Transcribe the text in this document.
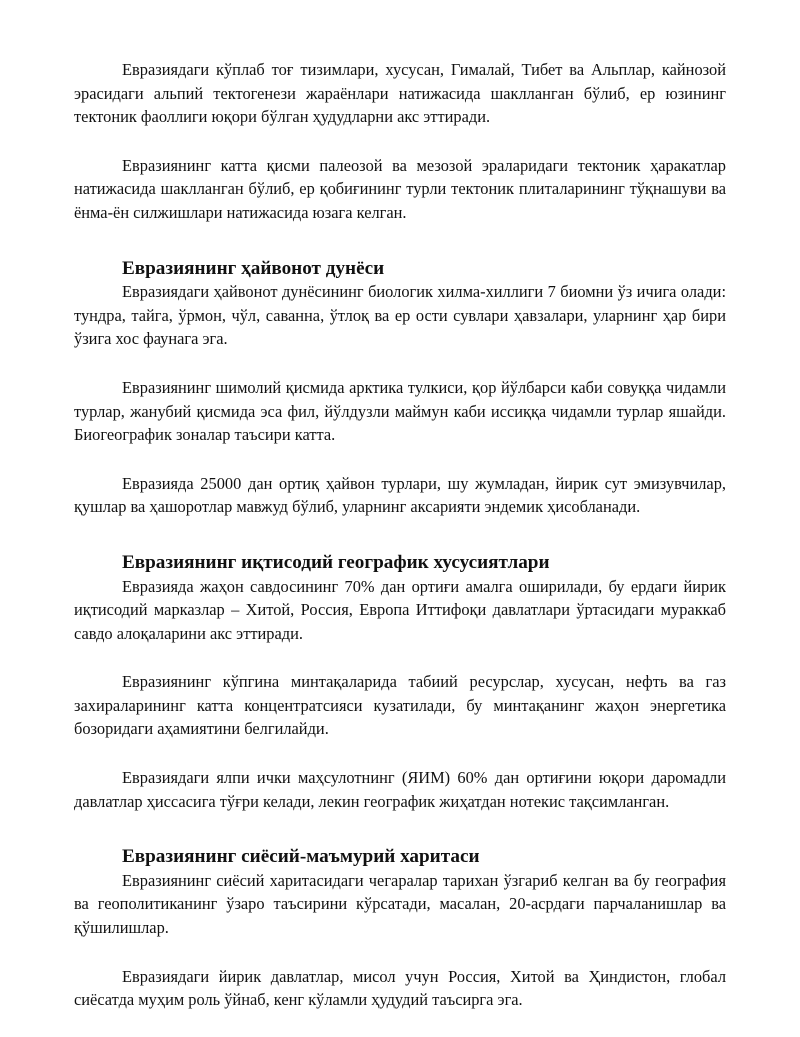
Евразиядаги кўплаб тоғ тизимлари, хусусан, Гималай, Тибет ва Альплар, кайнозой эрасидаги альпий тектогенези жараёнлари натижасида шаклланган бўлиб, ер юзининг тектоник фаоллиги юқори бўлган ҳудудларни акс эттиради.

Евразиянинг катта қисми палеозой ва мезозой эраларидаги тектоник ҳаракатлар натижасида шаклланган бўлиб, ер қобиғининг турли тектоник плиталарининг тўқнашуви ва ёнма-ён силжишлари натижасида юзага келган.

Евразиянинг ҳайвонот дунёси

Евразиядаги ҳайвонот дунёсининг биологик хилма-хиллиги 7 биомни ўз ичига олади: тундра, тайга, ўрмон, чўл, саванна, ўтлоқ ва ер ости сувлари ҳавзалари, уларнинг ҳар бири ўзига хос фаунага эга.

Евразиянинг шимолий қисмида арктика тулкиси, қор йўлбарси каби совуққа чидамли турлар, жанубий қисмида эса фил, йўлдузли маймун каби иссиққа чидамли турлар яшайди. Биогеографик зоналар таъсири катта.

Евразияда 25000 дан ортиқ ҳайвон турлари, шу жумладан, йирик сут эмизувчилар, қушлар ва ҳашоротлар мавжуд бўлиб, уларнинг аксарияти эндемик ҳисобланади.

Евразиянинг иқтисодий географик хусусиятлари

Евразияда жаҳон савдосининг 70% дан ортиғи амалга оширилади, бу ердаги йирик иқтисодий марказлар – Хитой, Россия, Европа Иттифоқи давлатлари ўртасидаги мураккаб савдо алоқаларини акс эттиради.

Евразиянинг кўпгина минтақаларида табиий ресурслар, хусусан, нефть ва газ захираларининг катта концентратсияси кузатилади, бу минтақанинг жаҳон энергетика бозоридаги аҳамиятини белгилайди.

Евразиядаги ялпи ички маҳсулотнинг (ЯИМ) 60% дан ортиғини юқори даромадли давлатлар ҳиссасига тўғри келади, лекин географик жиҳатдан нотекис тақсимланган.

Евразиянинг сиёсий-маъмурий харитаси

Евразиянинг сиёсий харитасидаги чегаралар тарихан ўзгариб келган ва бу география ва геополитиканинг ўзаро таъсирини кўрсатади, масалан, 20-асрдаги парчаланишлар ва қўшилишлар.

Евразиядаги йирик давлатлар, мисол учун Россия, Хитой ва Ҳиндистон, глобал сиёсатда муҳим роль ўйнаб, кенг кўламли ҳудудий таъсирга эга.
